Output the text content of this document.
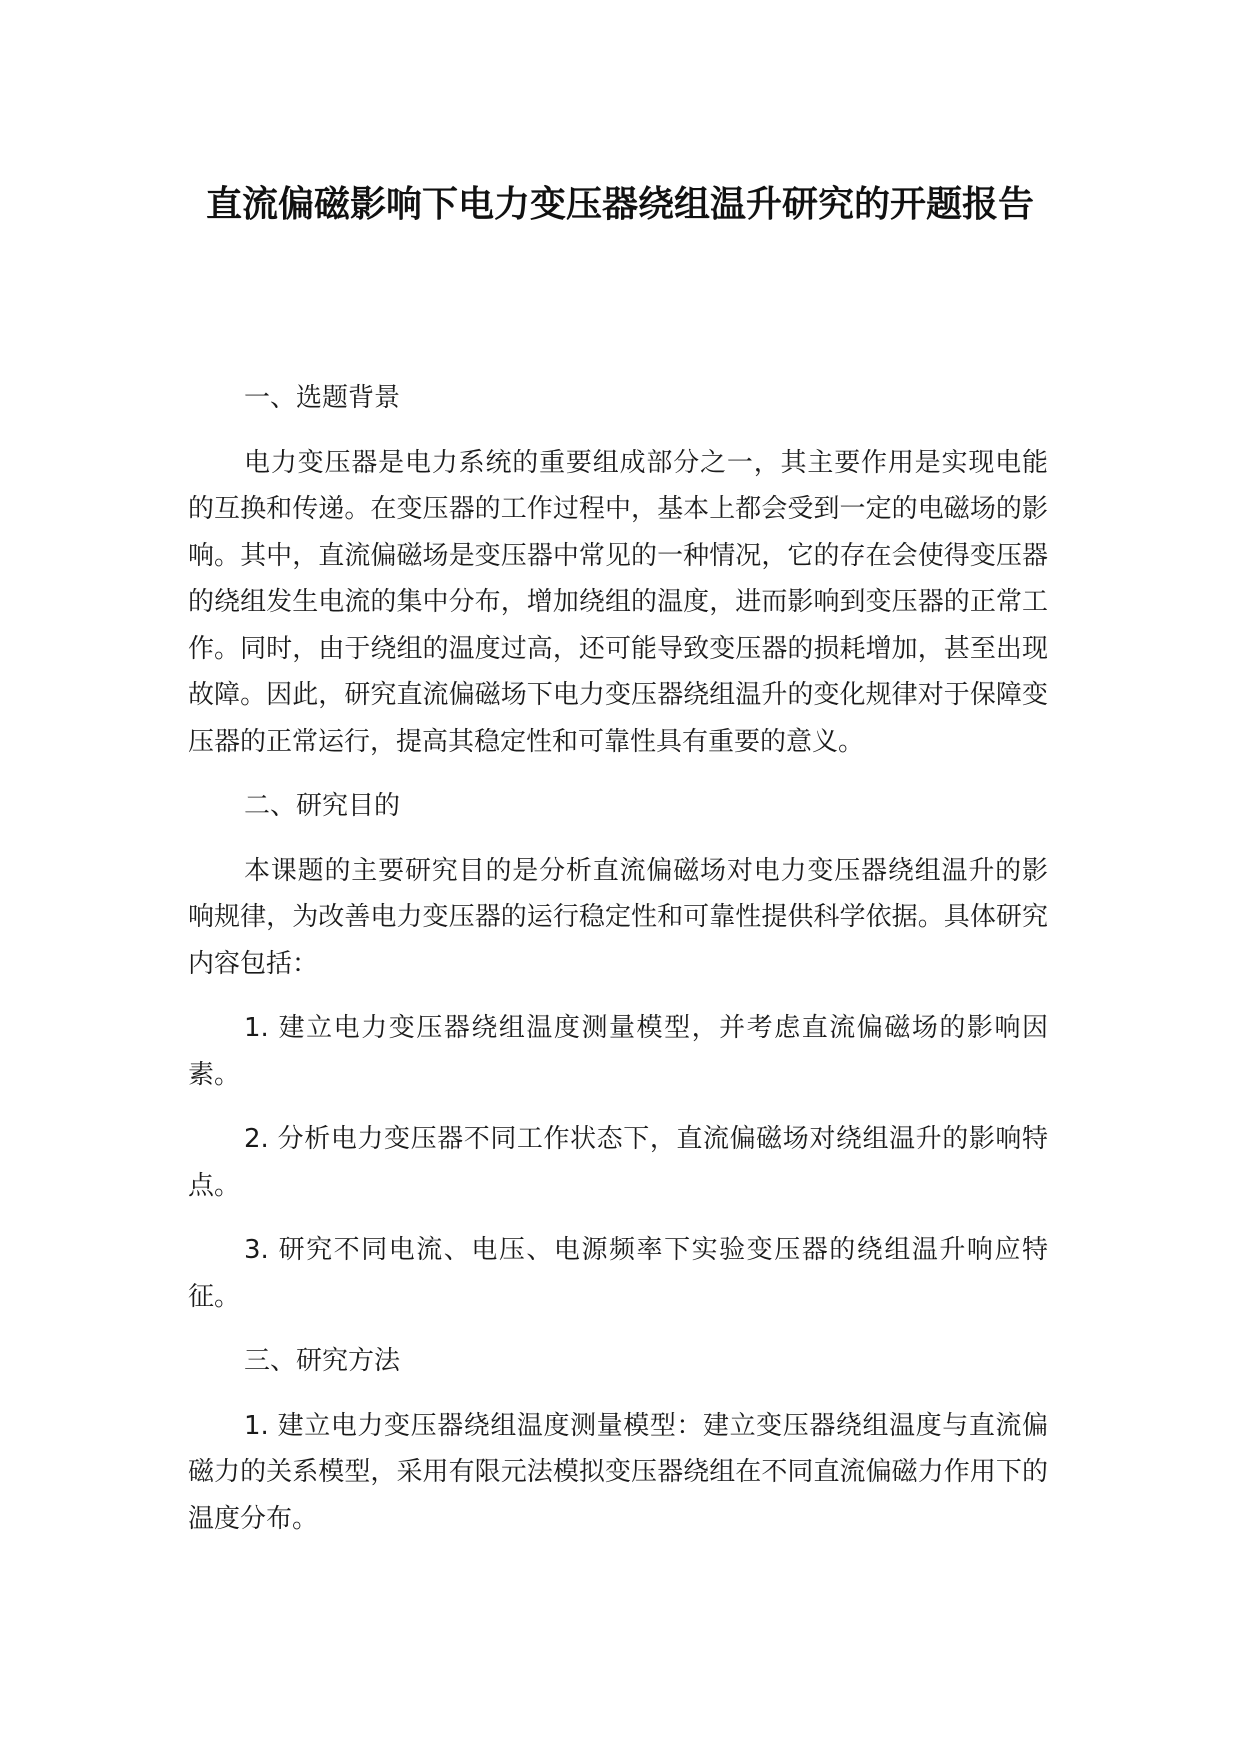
直流偏磁影响下电力变压器绕组温升研究的开题报告
一、选题背景
电力变压器是电力系统的重要组成部分之一，其主要作用是实现电能的互换和传递。在变压器的工作过程中，基本上都会受到一定的电磁场的影响。其中，直流偏磁场是变压器中常见的一种情况，它的存在会使得变压器的绕组发生电流的集中分布，增加绕组的温度，进而影响到变压器的正常工作。同时，由于绕组的温度过高，还可能导致变压器的损耗增加，甚至出现故障。因此，研究直流偏磁场下电力变压器绕组温升的变化规律对于保障变压器的正常运行，提高其稳定性和可靠性具有重要的意义。
二、研究目的
本课题的主要研究目的是分析直流偏磁场对电力变压器绕组温升的影响规律，为改善电力变压器的运行稳定性和可靠性提供科学依据。具体研究内容包括：
1. 建立电力变压器绕组温度测量模型，并考虑直流偏磁场的影响因素。
2. 分析电力变压器不同工作状态下，直流偏磁场对绕组温升的影响特点。
3. 研究不同电流、电压、电源频率下实验变压器的绕组温升响应特征。
三、研究方法
1. 建立电力变压器绕组温度测量模型：建立变压器绕组温度与直流偏磁力的关系模型，采用有限元法模拟变压器绕组在不同直流偏磁力作用下的温度分布。
